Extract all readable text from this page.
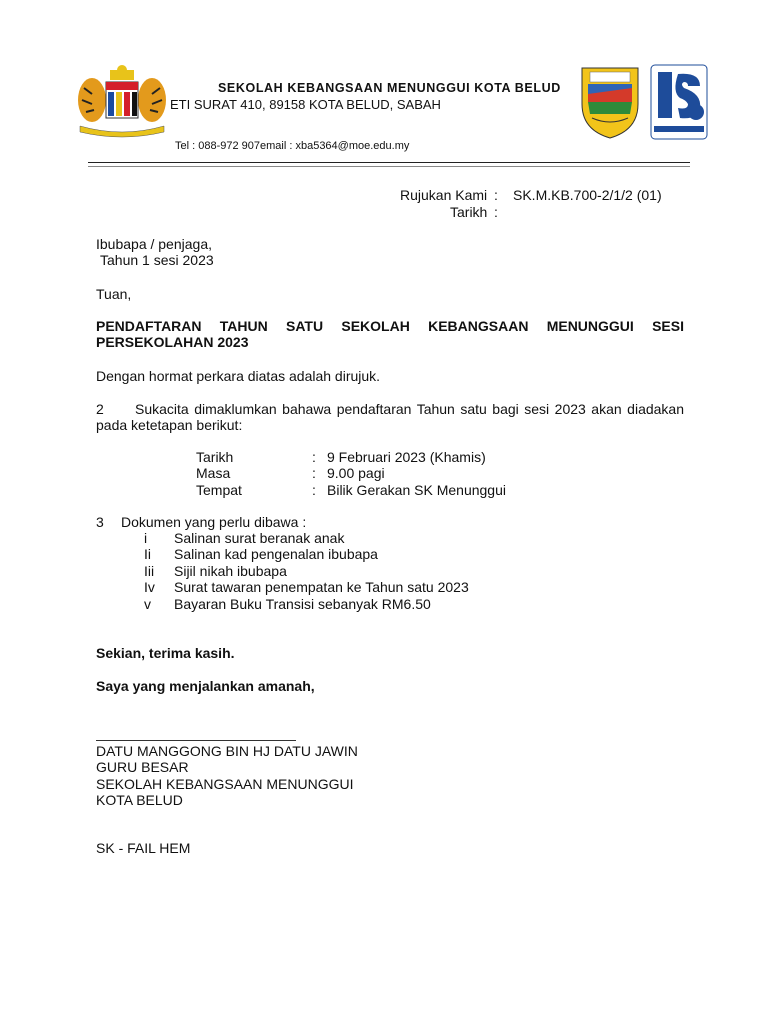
SEKOLAH KEBANGSAAN MENUNGGUI KOTA BELUD
ETI SURAT 410, 89158 KOTA BELUD, SABAH
Tel : 088-972 907email : xba5364@moe.edu.my
Rujukan Kami : SK.M.KB.700-2/1/2 (01)
Tarikh :
Ibubapa / penjaga,
Tahun 1 sesi 2023
Tuan,
PENDAFTARAN TAHUN SATU SEKOLAH KEBANGSAAN MENUNGGUI SESI
PERSEKOLAHAN 2023
Dengan hormat perkara diatas adalah dirujuk.
2 Sukacita dimaklumkan bahawa pendaftaran Tahun satu bagi sesi 2023 akan diadakan
pada ketetapan berikut:
Tarikh	: 9 Februari 2023 (Khamis)
Masa	: 9.00 pagi
Tempat	: Bilik Gerakan SK Menunggui
3 Dokumen yang perlu dibawa :
i Salinan surat beranak anak
Ii Salinan kad pengenalan ibubapa
Iii Sijil nikah ibubapa
Iv Surat tawaran penempatan ke Tahun satu 2023
v Bayaran Buku Transisi sebanyak RM6.50
Sekian, terima kasih.
Saya yang menjalankan amanah,
DATU MANGGONG BIN HJ DATU JAWIN
GURU BESAR
SEKOLAH KEBANGSAAN MENUNGGUI
KOTA BELUD
SK - FAIL HEM
